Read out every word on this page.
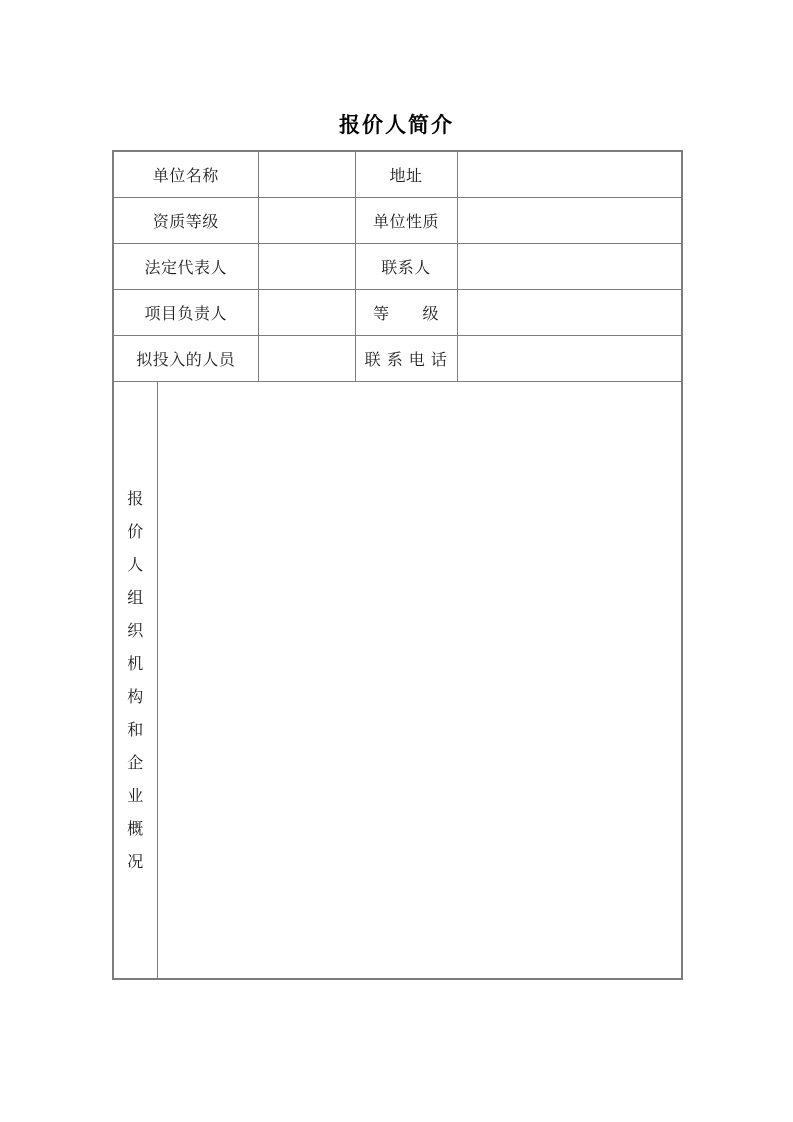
报价人简介
单位名称			地址	
资质等级			单位性质	
法定代表人			联系人	
项目负责人			等　　级	
拟投入的人员			联 系 电 话	

报价人组织机构和企业概况				
